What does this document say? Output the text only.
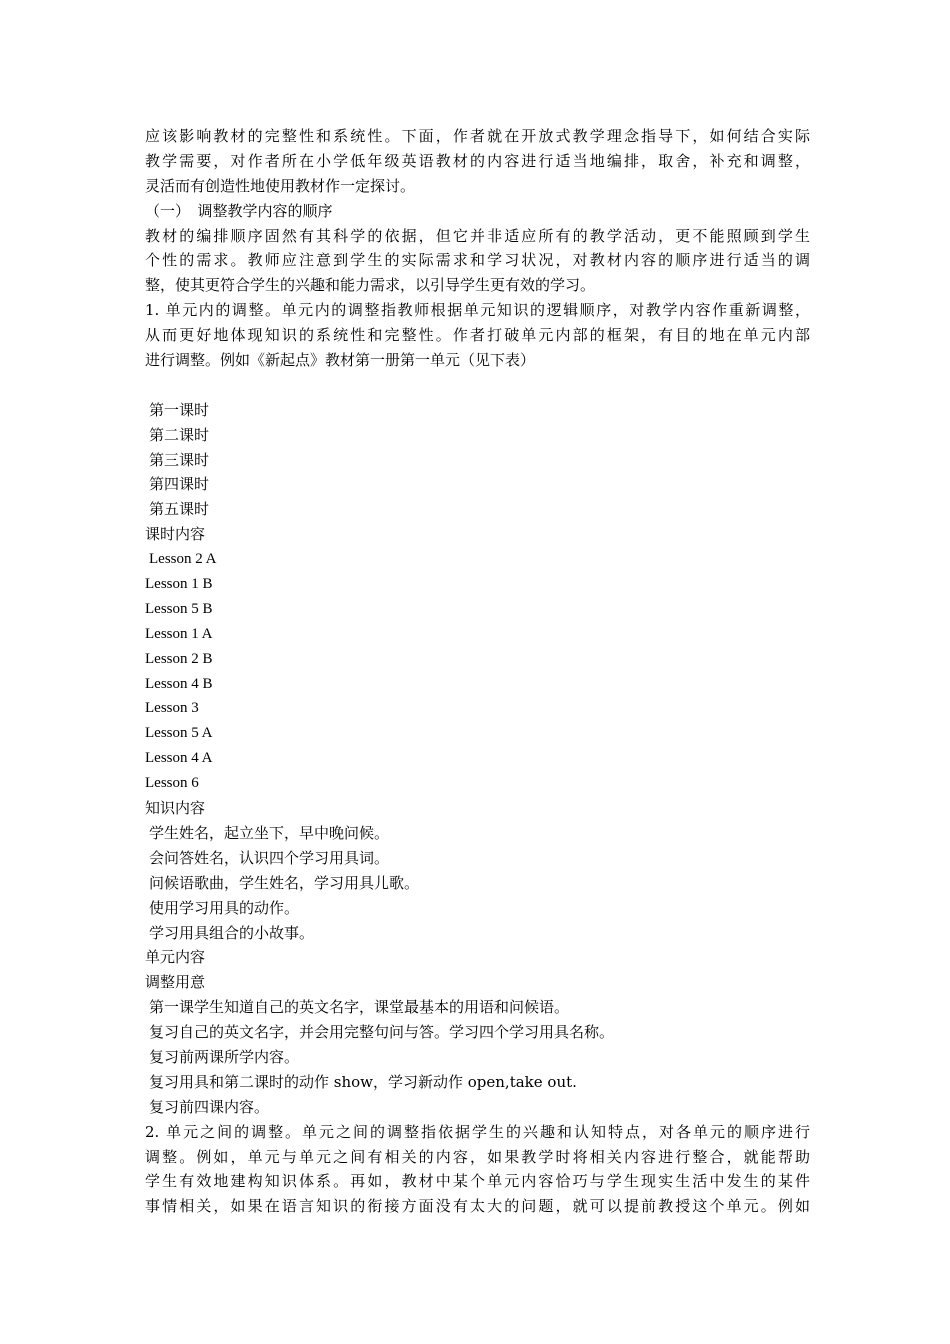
应该影响教材的完整性和系统性。下面，作者就在开放式教学理念指导下，如何结合实际
教学需要，对作者所在小学低年级英语教材的内容进行适当地编排，取舍，补充和调整，
灵活而有创造性地使用教材作一定探讨。
（一）　调整教学内容的顺序
教材的编排顺序固然有其科学的依据，但它并非适应所有的教学活动，更不能照顾到学生
个性的需求。教师应注意到学生的实际需求和学习状况，对教材内容的顺序进行适当的调
整，使其更符合学生的兴趣和能力需求，以引导学生更有效的学习。
1. 单元内的调整。单元内的调整指教师根据单元知识的逻辑顺序，对教学内容作重新调整，
从而更好地体现知识的系统性和完整性。作者打破单元内部的框架，有目的地在单元内部
进行调整。例如《新起点》教材第一册第一单元（见下表）
第一课时
第二课时
第三课时
第四课时
第五课时
课时内容
Lesson 2 A
Lesson 1 B
Lesson 5 B
Lesson 1 A
Lesson 2 B
Lesson 4 B
Lesson 3
Lesson 5 A
Lesson 4 A
Lesson 6
知识内容
学生姓名，起立坐下，早中晚问候。
会问答姓名，认识四个学习用具词。
问候语歌曲，学生姓名，学习用具儿歌。
使用学习用具的动作。
学习用具组合的小故事。
单元内容
调整用意
第一课学生知道自己的英文名字，课堂最基本的用语和问候语。
复习自己的英文名字，并会用完整句问与答。学习四个学习用具名称。
复习前两课所学内容。
复习用具和第二课时的动作 show，学习新动作 open,take out.
复习前四课内容。
2. 单元之间的调整。单元之间的调整指依据学生的兴趣和认知特点，对各单元的顺序进行
调整。例如，单元与单元之间有相关的内容，如果教学时将相关内容进行整合，就能帮助
学生有效地建构知识体系。再如，教材中某个单元内容恰巧与学生现实生活中发生的某件
事情相关，如果在语言知识的衔接方面没有太大的问题，就可以提前教授这个单元。例如
